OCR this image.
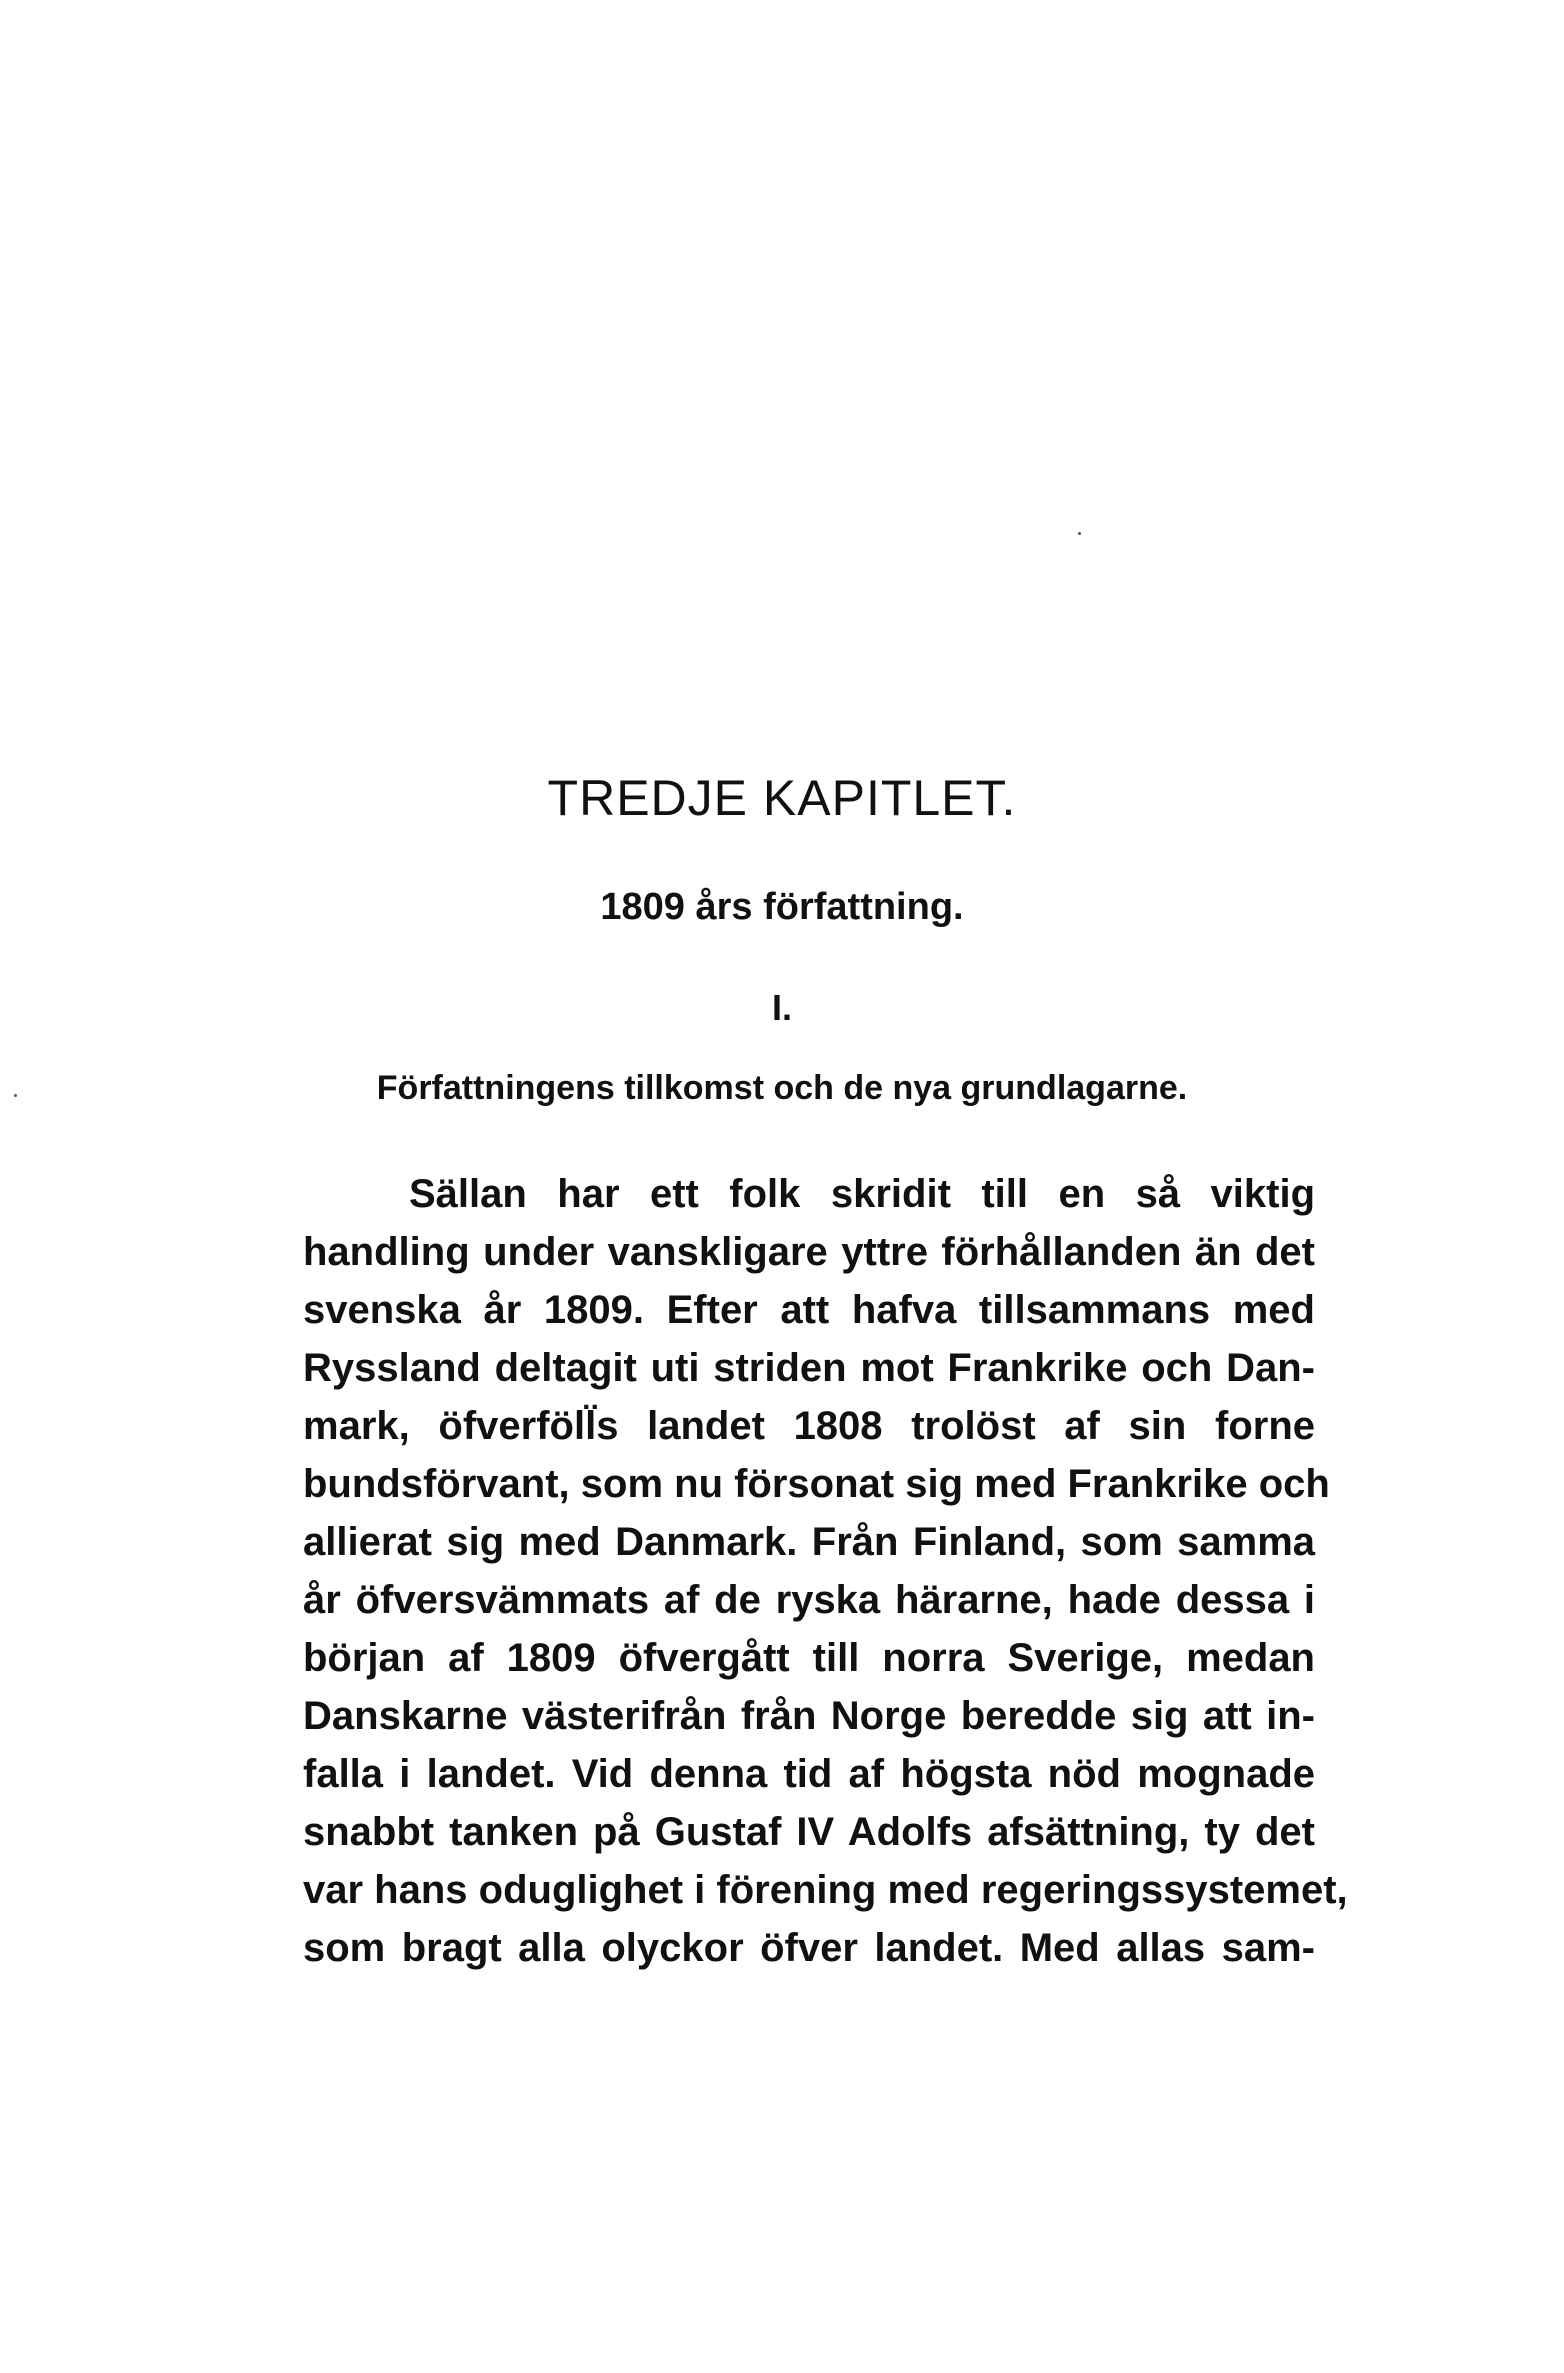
TREDJE KAPITLET.
1809 års författning.
I.
Författningens tillkomst och de nya grundlagarne.

Sällan har ett folk skridit till en så viktig
handling under vanskligare yttre förhållanden än det
svenska år 1809. Efter att hafva tillsammans med
Ryssland deltagit uti striden mot Frankrike och Dan-
mark, öfverföll̈s landet 1808 trolöst af sin forne
bundsförvant, som nu försonat sig med Frankrike och
allierat sig med Danmark. Från Finland, som samma
år öfversvämmats af de ryska härarne, hade dessa i
början af 1809 öfvergått till norra Sverige, medan
Danskarne västerifrån från Norge beredde sig att in-
falla i landet. Vid denna tid af högsta nöd mognade
snabbt tanken på Gustaf IV Adolfs afsättning, ty det
var hans oduglighet i förening med regeringssystemet,
som bragt alla olyckor öfver landet. Med allas sam-
